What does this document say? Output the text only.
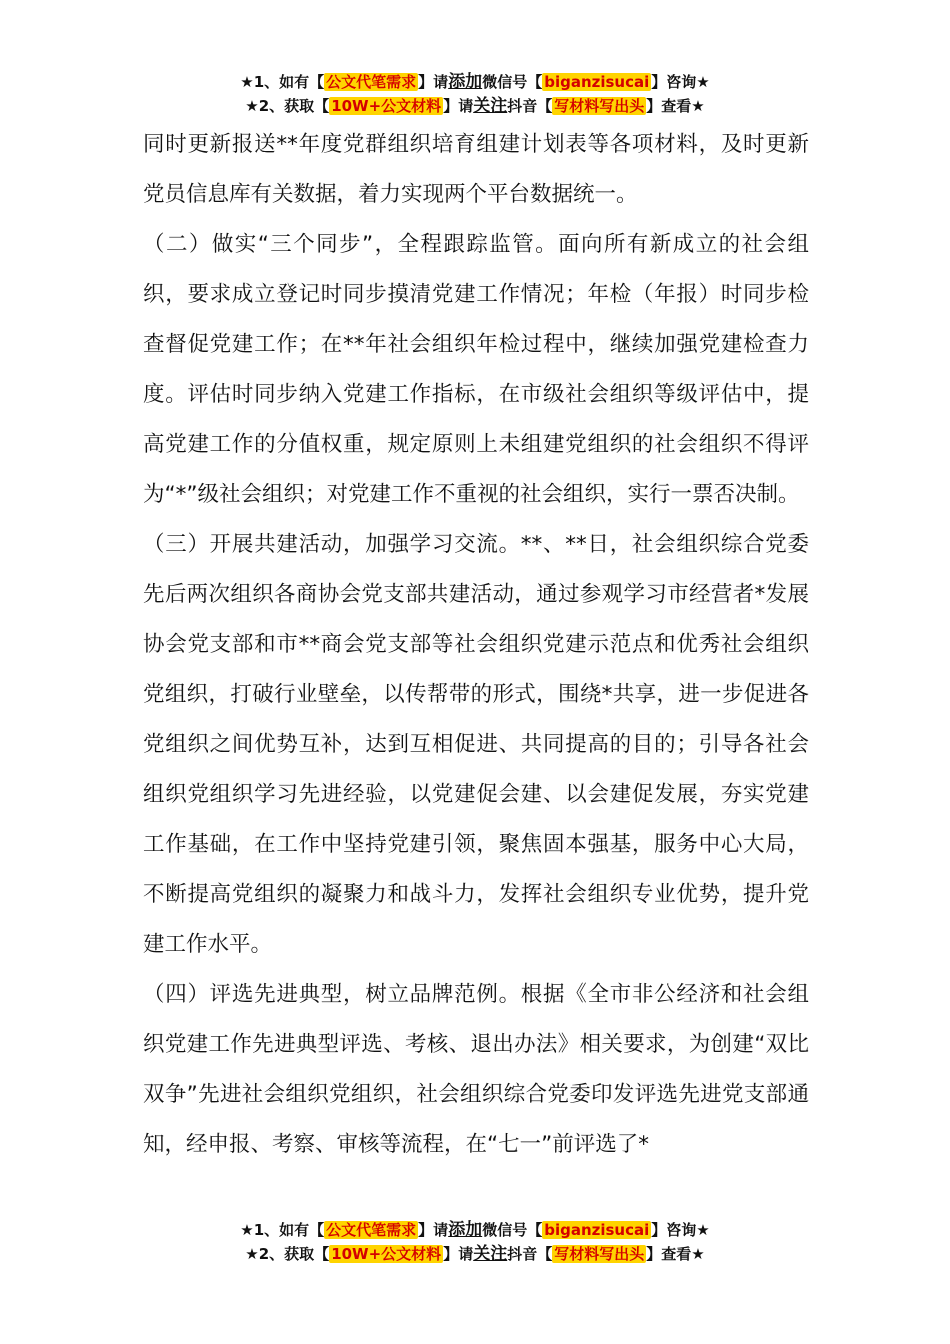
★1、如有【 公文代笔需求 】请添加微信号【 biganzisucai 】咨询★
★2、获取【 10W+公文材料 】请关注抖音【 写材料写出头 】查看★

同时更新报送**年度党群组织培育组建计划表等各项材料，及时更新党员信息库有关数据，着力实现两个平台数据统一。

（二）做实“三个同步”，全程跟踪监管。面向所有新成立的社会组织，要求成立登记时同步摸清党建工作情况；年检（年报）时同步检查督促党建工作；在**年社会组织年检过程中，继续加强党建检查力度。评估时同步纳入党建工作指标，在市级社会组织等级评估中，提高党建工作的分值权重，规定原则上未组建党组织的社会组织不得评为“*”级社会组织；对党建工作不重视的社会组织，实行一票否决制。

（三）开展共建活动，加强学习交流。**、**日，社会组织综合党委先后两次组织各商协会党支部共建活动，通过参观学习市经营者*发展协会党支部和市**商会党支部等社会组织党建示范点和优秀社会组织党组织，打破行业壁垒，以传帮带的形式，围绕*共享，进一步促进各党组织之间优势互补，达到互相促进、共同提高的目的；引导各社会组织党组织学习先进经验，以党建促会建、以会建促发展，夯实党建工作基础，在工作中坚持党建引领，聚焦固本强基，服务中心大局，不断提高党组织的凝聚力和战斗力，发挥社会组织专业优势，提升党建工作水平。

（四）评选先进典型，树立品牌范例。根据《全市非公经济和社会组织党建工作先进典型评选、考核、退出办法》相关要求，为创建“双比双争”先进社会组织党组织，社会组织综合党委印发评选先进党支部通知，经申报、考察、审核等流程，在“七一”前评选了*

★1、如有【 公文代笔需求 】请添加微信号【 biganzisucai 】咨询★
★2、获取【 10W+公文材料 】请关注抖音【 写材料写出头 】查看★
